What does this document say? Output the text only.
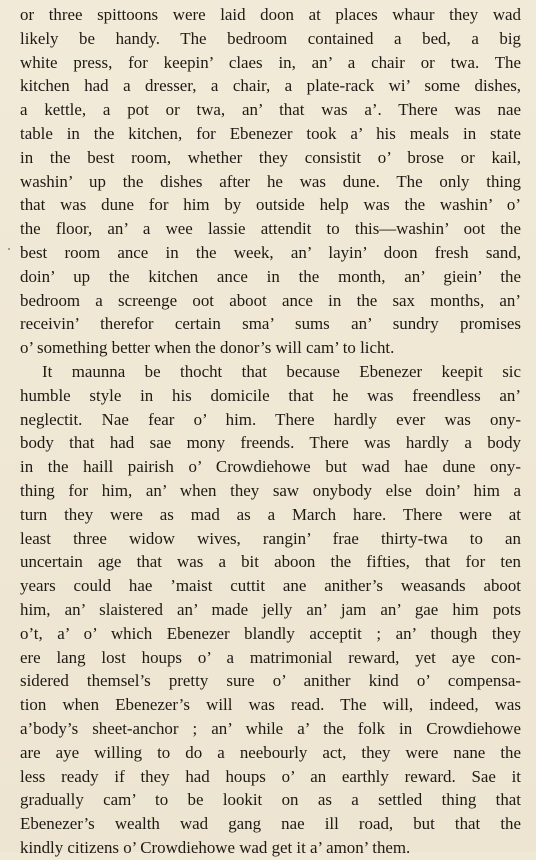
or three spittoons were laid doon at places whaur they wad
likely be handy. The bedroom contained a bed, a big
white press, for keepin’ claes in, an’ a chair or twa. The
kitchen had a dresser, a chair, a plate-rack wi’ some dishes,
a kettle, a pot or twa, an’ that was a’. There was nae
table in the kitchen, for Ebenezer took a’ his meals in state
in the best room, whether they consistit o’ brose or kail,
washin’ up the dishes after he was dune. The only thing
that was dune for him by outside help was the washin’ o’
the floor, an’ a wee lassie attendit to this—washin’ oot the
best room ance in the week, an’ layin’ doon fresh sand,
doin’ up the kitchen ance in the month, an’ giein’ the
bedroom a screenge oot aboot ance in the sax months, an’
receivin’ therefor certain sma’ sums an’ sundry promises
o’ something better when the donor’s will cam’ to licht.
It maunna be thocht that because Ebenezer keepit sic
humble style in his domicile that he was freendless an’
neglectit. Nae fear o’ him. There hardly ever was ony-
body that had sae mony freends. There was hardly a body
in the haill pairish o’ Crowdiehowe but wad hae dune ony-
thing for him, an’ when they saw onybody else doin’ him a
turn they were as mad as a March hare. There were at
least three widow wives, rangin’ frae thirty-twa to an
uncertain age that was a bit aboon the fifties, that for ten
years could hae ’maist cuttit ane anither’s weasands aboot
him, an’ slaistered an’ made jelly an’ jam an’ gae him pots
o’t, a’ o’ which Ebenezer blandly acceptit ; an’ though they
ere lang lost houps o’ a matrimonial reward, yet aye con-
sidered themsel’s pretty sure o’ anither kind o’ compensa-
tion when Ebenezer’s will was read. The will, indeed, was
a’body’s sheet-anchor ; an’ while a’ the folk in Crowdiehowe
are aye willing to do a neebourly act, they were nane the
less ready if they had houps o’ an earthly reward. Sae it
gradually cam’ to be lookit on as a settled thing that
Ebenezer’s wealth wad gang nae ill road, but that the
kindly citizens o’ Crowdiehowe wad get it a’ amon’ them.
